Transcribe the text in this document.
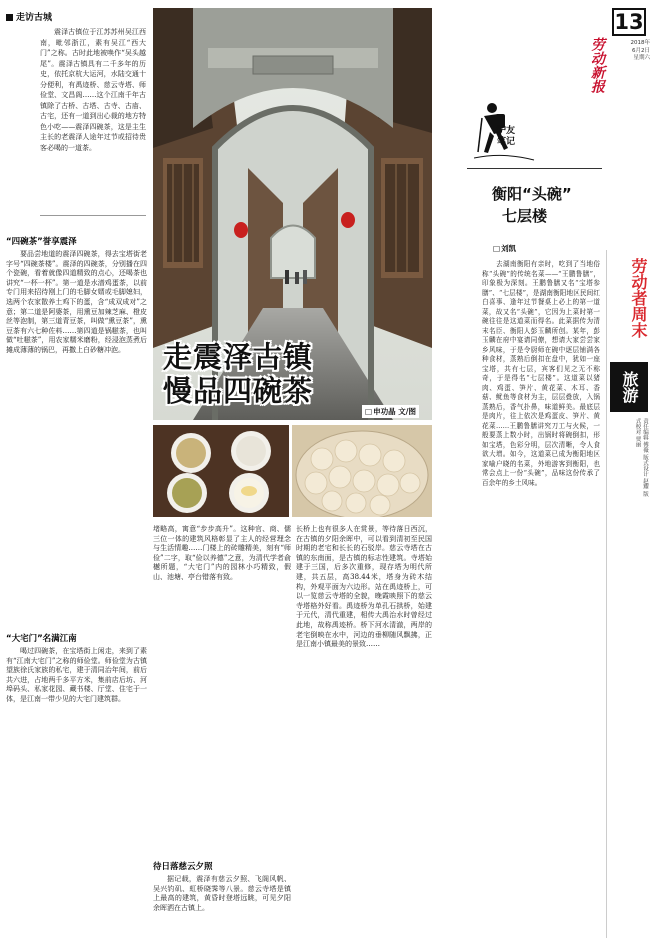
走访古城

震泽古镇位于江苏苏州吴江西南，毗邻浙江，素有吴江“西大门”之称。古时此地被唤作“吴头越尾”。震泽古镇具有二千多年的历史，依托京杭大运河，水陆交通十分便利，有禹迹桥、慈云寺塔、师俭堂、文昌阁……这个江南千年古镇除了古桥、古塔、古寺、古庙、古宅，还有一道到出心裁的地方特色小吃——震泽四碗茶，这是主生主长的老震泽人途年过节或招待贵客必喝的一道茶。

“四碗茶”誉享震泽

要品尝地道的震泽四碗茶，得去宝塔街老字号“四碗茶楼”。震泽的四碗茶，分别播在四个瓷碗，看着就像四道精致的点心，还喝茶也讲究“一杯一杯”。第一道是水潽鸡蛋茶，以前专门用来招待刚上门的毛脚女婿或毛脚媳妇，选两个农家散养土鸡下的蛋，含“成双成对”之意；第二道是阿婆茶，用熏豆加辣芝麻、橙皮丝等泡制，第三道青豆茶，叫做“熏豆茶”，熏豆茶有六七种佐料……第四道是锅糍茶，也叫做“吐糍茶”，用农家糯米磨粉，经浸泡蒸煮后摊成薄薄的锅巴，再撒上白砂糖冲泡。

“大宅门”名满江南

喝过四碗茶，在宝塔街上闲走，来到了素有“江南大宅门”之称的师俭堂。师俭堂为古镇望族徐氏家族的私宅，建于清同治年间，前后共六进，占地两千多平方米，集前店后坊、河埠码头、私家花园、藏书楼、厅堂、住宅于一体，是江南一带少见的大宅门建筑群。

走震泽古镇
慢品四碗茶
□ 申功晶 文/图

堵略高，寓意“步步高升”。这种官、商、儒三位一体的建筑风格彰显了主人的经营理念与生活情趣……门楼上的砖雕精美，刻有“师俭”二字，取“俭以养德”之意，为清代学者俞樾所题，“大宅门”内的园林小巧精致，假山、池塘、亭台错落有致。

待日落慈云夕照

据记载，震泽有慈云夕照、飞阁风帆、吴兴钓矶、虹桥晓霁等八景。慈云寺塔是镇上最高的建筑，黄昏时登塔远眺，可见夕阳余晖洒在古镇上。

长桥上也有很多人在赏景，等待落日西沉，在古镇的夕阳余晖中，可以看到清初至民国时期的老宅和长长的石驳岸。慈云寺塔在古镇的东南面，是古镇的标志性建筑。寺塔始建于三国，后多次重修，现存塔为明代所建，共五层，高38.44米，塔身为砖木结构，外观平面为六边形。站在禹迹桥上，可以一览慈云寺塔的全貌，晚霞映照下的慈云寺塔格外好看。禹迹桥为单孔石拱桥，始建于元代，清代重建，相传大禹治水时曾经过此地，故称禹迹桥。桥下河水清澈，两岸的老宅倒映在水中，河边的垂柳随风飘拂，正是江南小镇最美的景致……

13
2018年
6月2日
星期六
劳动新报
驴友
笔记
衡阳“头碗”
七层楼
□ 刘凯

去湖南衡阳有亲时，吃到了当地俗称“头碗”的传统名菜——“王鹏鲁膳”，印象极为深刻。王鹏鲁膳又名“宝塔参膳”、“七层楼”，是湖南衡阳地区民间红白喜事、逢年过节餐桌上必上的第一道菜，故又名“头碗”，它因为上菜时第一碗往往是这道菜而得名。此菜据传为清末名臣、衡阳人彭玉麟所创。某年，彭玉麟在府中宴请同僚，想请大家尝尝家乡风味，于是令厨师在碗中逐层铺满各种食材，蒸熟后倒扣在盘中，犹如一座宝塔，共有七层，宾客们见之无不称奇，于是得名“七层楼”。这道菜以猪肉、鸡蛋、笋片、黄花菜、木耳、香菇、鱿鱼等食材为主，层层叠放，入锅蒸熟后，香气扑鼻，味道鲜美。最底层是肉片，往上依次是鸡蛋皮、笋片、黄花菜……王鹏鲁膳讲究刀工与火候，一般要蒸上数小时，出锅时将碗倒扣，形如宝塔，色彩分明，层次清晰，令人食欲大增。如今，这道菜已成为衡阳地区家喻户晓的名菜，外地游客到衡阳，也常会点上一份“头碗”，品味这份传承了百余年的乡土风味。

劳动者周末
旅游
责任编辑 傅薇 版式设计 赵耀 版式校对 贾丽
